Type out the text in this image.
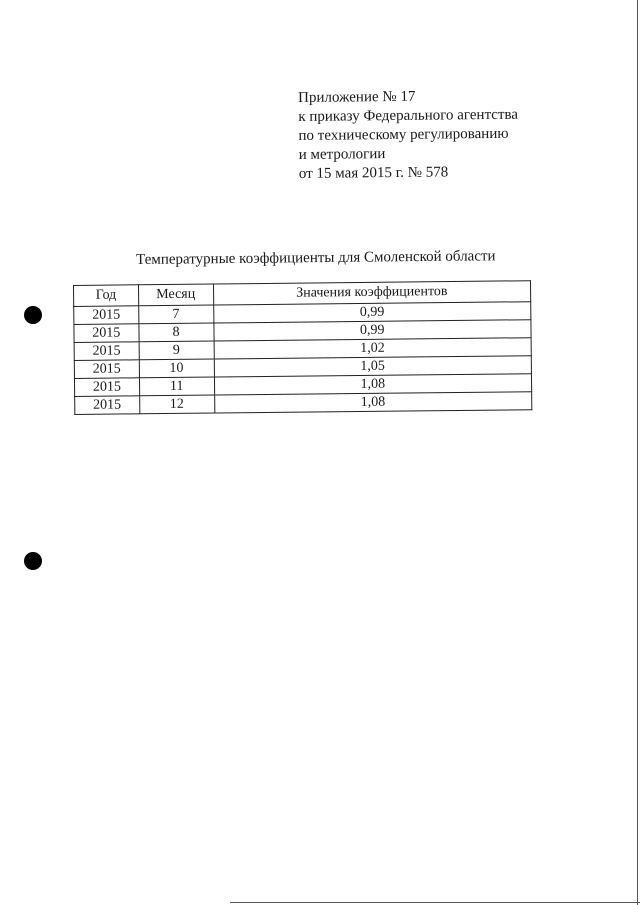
Приложение № 17
к приказу Федерального агентства
по техническому регулированию
и метрологии
от 15 мая 2015 г. № 578
Температурные коэффициенты для Смоленской области
Год	Месяц	Значения коэффициентов
2015	7	0,99
2015	8	0,99
2015	9	1,02
2015	10	1,05
2015	11	1,08
2015	12	1,08
